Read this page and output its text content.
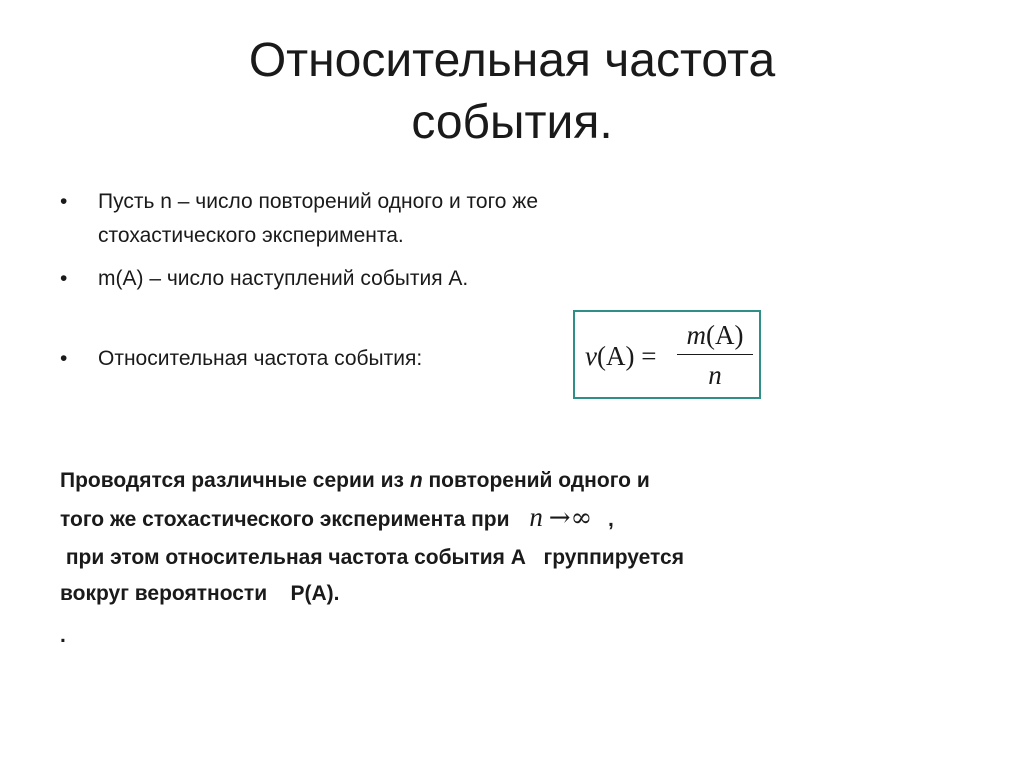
Относительная частота
события.
• Пусть n – число повторений одного и того же
стохастического эксперимента.
• m(A) – число наступлений события А.
• Относительная частота события:	ν(A) =
m(A)
n
Проводятся различные серии из n повторений одного и
того же стохастического эксперимента при n →∞ ,
при этом относительная частота события А   группируется
вокруг вероятности    Р(А).
.
